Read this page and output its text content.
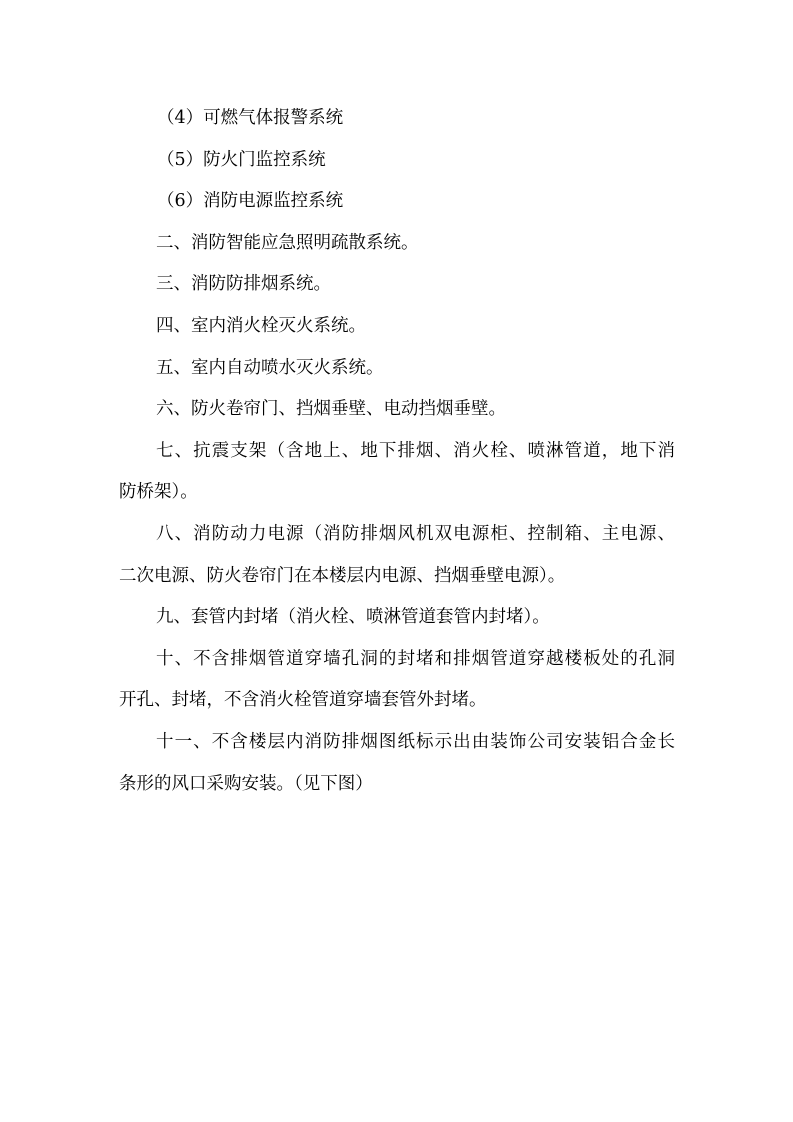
（4）可燃气体报警系统
（5）防火门监控系统
（6）消防电源监控系统
二、消防智能应急照明疏散系统。
三、消防防排烟系统。
四、室内消火栓灭火系统。
五、室内自动喷水灭火系统。
六、防火卷帘门、挡烟垂壁、电动挡烟垂壁。
七、抗震支架（含地上、地下排烟、消火栓、喷淋管道，地下消
防桥架）。
八、消防动力电源（消防排烟风机双电源柜、控制箱、主电源、
二次电源、防火卷帘门在本楼层内电源、挡烟垂壁电源）。
九、套管内封堵（消火栓、喷淋管道套管内封堵）。
十、不含排烟管道穿墙孔洞的封堵和排烟管道穿越楼板处的孔洞
开孔、封堵，不含消火栓管道穿墙套管外封堵。
十一、不含楼层内消防排烟图纸标示出由装饰公司安装铝合金长
条形的风口采购安装。（见下图）
